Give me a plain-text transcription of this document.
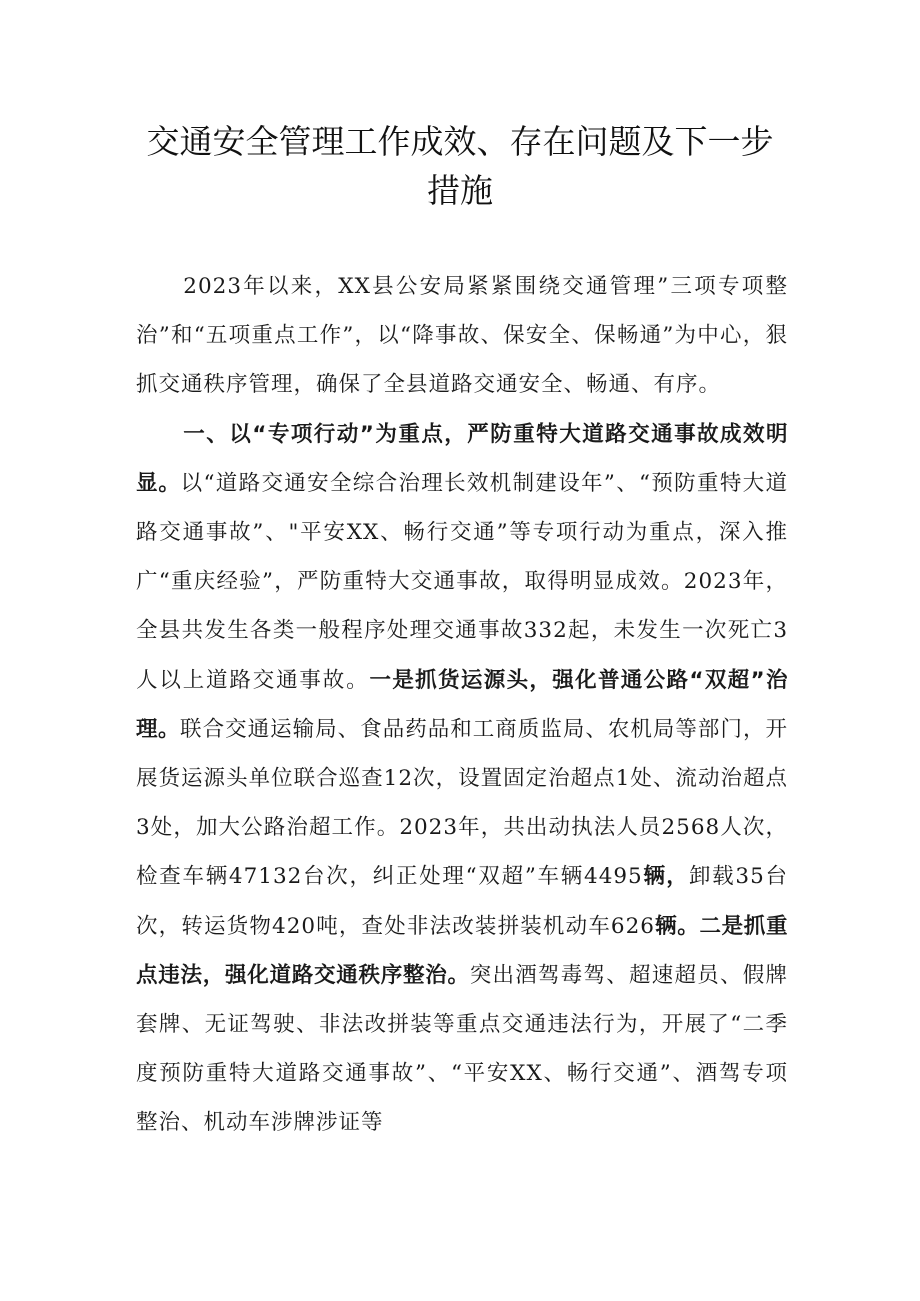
交通安全管理工作成效、存在问题及下一步
措施

2023年以来，XX县公安局紧紧围绕交通管理”三项专项整治”和“五项重点工作”，以“降事故、保安全、保畅通”为中心，狠抓交通秩序管理，确保了全县道路交通安全、畅通、有序。

一、以“专项行动”为重点，严防重特大道路交通事故成效明显。以“道路交通安全综合治理长效机制建设年”、“预防重特大道路交通事故”、"平安XX、畅行交通”等专项行动为重点，深入推广“重庆经验”，严防重特大交通事故，取得明显成效。2023年，全县共发生各类一般程序处理交通事故332起，未发生一次死亡3人以上道路交通事故。一是抓货运源头，强化普通公路“双超”治理。联合交通运输局、食品药品和工商质监局、农机局等部门，开展货运源头单位联合巡查12次，设置固定治超点1处、流动治超点3处，加大公路治超工作。2023年，共出动执法人员2568人次，检查车辆47132台次，纠正处理“双超”车辆4495辆，卸载35台次，转运货物420吨，查处非法改装拼装机动车626辆。二是抓重点违法，强化道路交通秩序整治。突出酒驾毒驾、超速超员、假牌套牌、无证驾驶、非法改拼装等重点交通违法行为，开展了“二季度预防重特大道路交通事故”、“平安XX、畅行交通”、酒驾专项整治、机动车涉牌涉证等
